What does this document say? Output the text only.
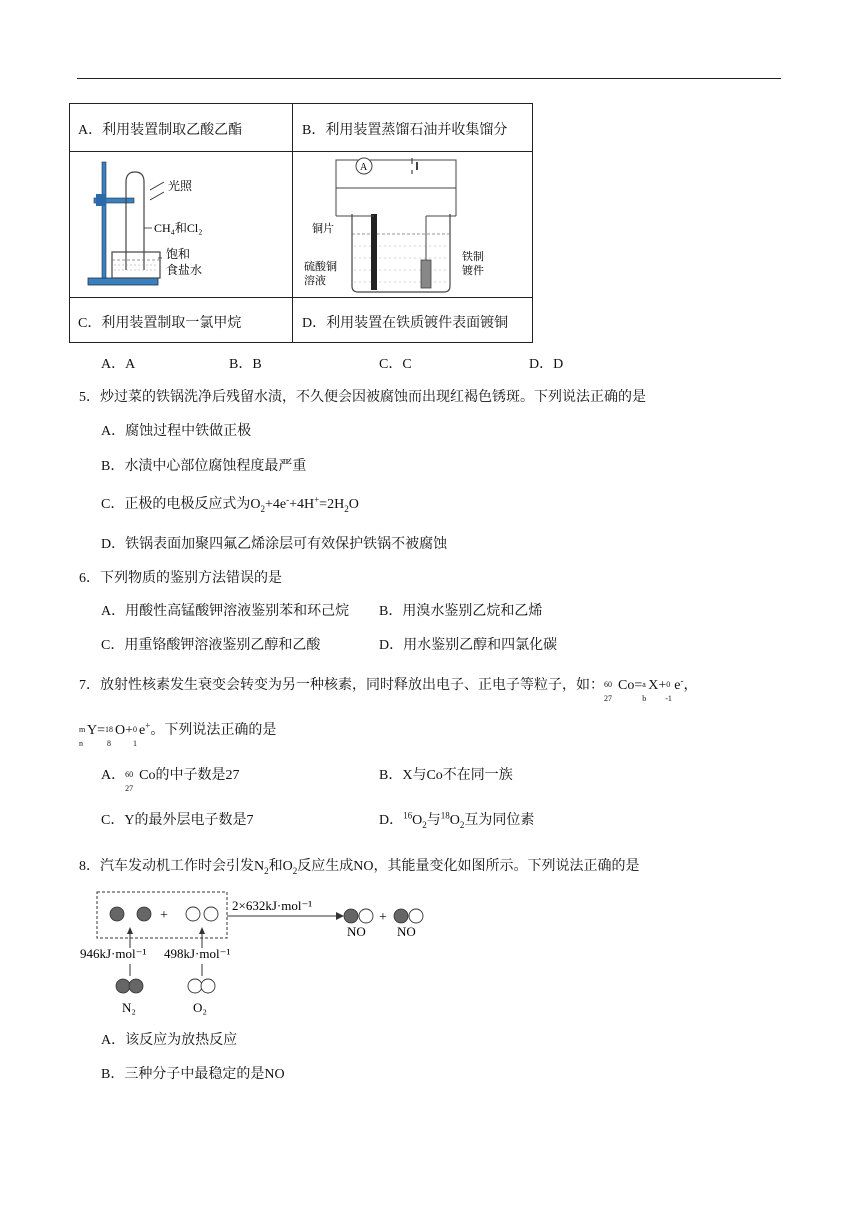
A．利用装置制取乙酸乙酯	B．利用装置蒸馏石油并收集馏分
C．利用装置制取一氯甲烷	D．利用装置在铁质镀件表面镀铜
光照
CH₄和Cl₂
饱和
食盐水
A
铜片
硫酸铜
溶液
铁制
镀件
A．A	B．B	C．C	D．D
5．炒过菜的铁锅洗净后残留水渍，不久便会因被腐蚀而出现红褐色锈斑。下列说法正确的是
A．腐蚀过程中铁做正极
B．水渍中心部位腐蚀程度最严重
C．正极的电极反应式为$O_2+4e^-+4H^+=2H_2O$
D．铁锅表面加聚四氟乙烯涂层可有效保护铁锅不被腐蚀
6．下列物质的鉴别方法错误的是
A．用酸性高锰酸钾溶液鉴别苯和环己烷 B．用溴水鉴别乙烷和乙烯
C．用重铬酸钾溶液鉴别乙醇和乙酸	D．用水鉴别乙醇和四氯化碳
7．放射性核素发生衰变会转变为另一种核素，同时释放出电子、正电子等粒子，如： 60
27
Co= a
b
X+ 0
-1
e-，
m
n
Y= 18
8
O+ 0
1
e+。下列说法正确的是
A． 60
27
Co的中子数是27	B．X与Co不在同一族
C．Y的最外层电子数是7	D．$^{16}O_2$与$^{18}O_2$互为同位素
8．汽车发动机工作时会引发$N_2$和$O_2$反应生成NO，其能量变化如图所示。下列说法正确的是
+
2×632kJ·mol⁻¹
+
NO NO
946kJ·mol⁻¹ 498kJ·mol⁻¹
N₂	O₂
A．该反应为放热反应
B．三种分子中最稳定的是NO
